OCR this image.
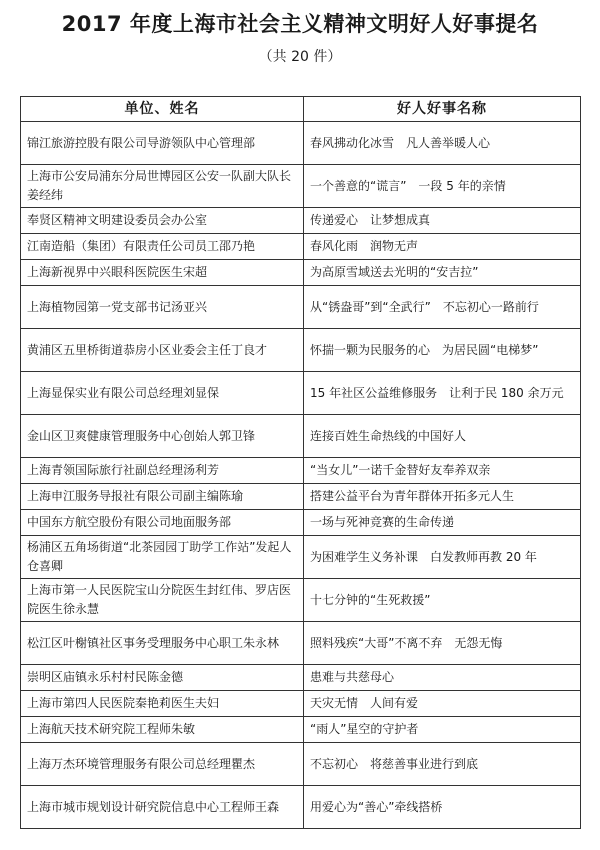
2017 年度上海市社会主义精神文明好人好事提名
（共 20 件）
单位、姓名	好人好事名称
锦江旅游控股有限公司导游领队中心管理部	春风拂动化冰雪　凡人善举暖人心
上海市公安局浦东分局世博园区公安一队副大队长姜经纬	一个善意的“谎言”　一段 5 年的亲情
奉贤区精神文明建设委员会办公室	传递爱心　让梦想成真
江南造船（集团）有限责任公司员工邵乃艳	春风化雨　润物无声
上海新视界中兴眼科医院医生宋超	为高原雪域送去光明的“安吉拉”
上海植物园第一党支部书记汤亚兴	从“锈盎哥”到“全武行”　不忘初心一路前行
黄浦区五里桥街道恭房小区业委会主任丁良才	怀揣一颗为民服务的心　为居民圆“电梯梦”
上海显保实业有限公司总经理刘显保	15 年社区公益维修服务　让利于民 180 余万元
金山区卫爽健康管理服务中心创始人郭卫锋	连接百姓生命热线的中国好人
上海青领国际旅行社副总经理汤利芳	“当女儿”一诺千金替好友奉养双亲
上海申江服务导报社有限公司副主编陈瑜	搭建公益平台为青年群体开拓多元人生
中国东方航空股份有限公司地面服务部	一场与死神竞赛的生命传递
杨浦区五角场街道“北茶园园丁助学工作站”发起人仓喜卿	为困难学生义务补课　白发教师再教 20 年
上海市第一人民医院宝山分院医生封红伟、罗店医院医生徐永慧	十七分钟的“生死救援”
松江区叶榭镇社区事务受理服务中心职工朱永林	照料残疾“大哥”不离不弃　无怨无悔
崇明区庙镇永乐村村民陈金德	患难与共慈母心
上海市第四人民医院秦艳莉医生夫妇	天灾无情　人间有爱
上海航天技术研究院工程师朱敏	“雨人”星空的守护者
上海万杰环境管理服务有限公司总经理瞿杰	不忘初心　将慈善事业进行到底
上海市城市规划设计研究院信息中心工程师王森	用爱心为“善心”牵线搭桥
